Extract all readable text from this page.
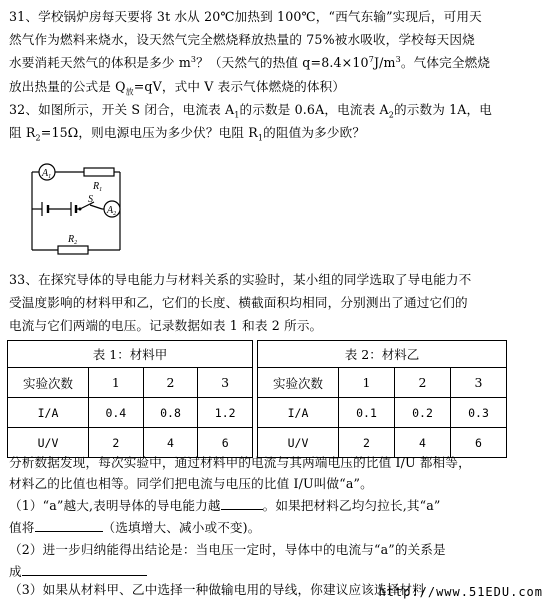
31、学校锅炉房每天要将 3t 水从 20℃加热到 100℃，“西气东输”实现后，可用天
然气作为燃料来烧水，设天然气完全燃烧释放热量的 75%被水吸收，学校每天因烧
水要消耗天然气的体积是多少 $m^3$？（天然气的热值 $q=8.4\times 10^7J/m^3$。气体完全燃烧
放出热量的公式是 $Q_放=qV$，式中 V 表示气体燃烧的体积）
32、如图所示，开关 S 闭合，电流表 $A_1$的示数是 0.6A，电流表 $A_2$的示数为 1A，电
阻 $R_2=15\Omega$，则电源电压为多少伏？电阻 $R_1$的阻值为多少欧？
$A_1$
$R_1$
S
$A_2$
$R_2$
33、在探究导体的导电能力与材料关系的实验时，某小组的同学选取了导电能力不
受温度影响的材料甲和乙，它们的长度、横截面积均相同，分别测出了通过它们的
电流与它们两端的电压。记录数据如表 1 和表 2 所示。
表 1：材料甲			
实验次数	1	2	3
I/A	0.4	0.8	1.2
U/V	2	4	6
表 2：材料乙			
实验次数	1	2	3
I/A	0.1	0.2	0.3
U/V	2	4	6
分析数据发现，每次实验中，通过材料甲的电流与其两端电压的比值 I/U 都相等，
材料乙的比值也相等。同学们把电流与电压的比值 I/U叫做“a”。
（1）“a”越大,表明导体的导电能力越	。如果把材料乙均匀拉长,其“a”
值将	（选填增大、减小或不变)。
（2）进一步归纳能得出结论是：当电压一定时，导体中的电流与“a”的关系是
成
（3）如果从材料甲、乙中选择一种做输电用的导线，你建议应该选择材料
http://www.51EDU.com
